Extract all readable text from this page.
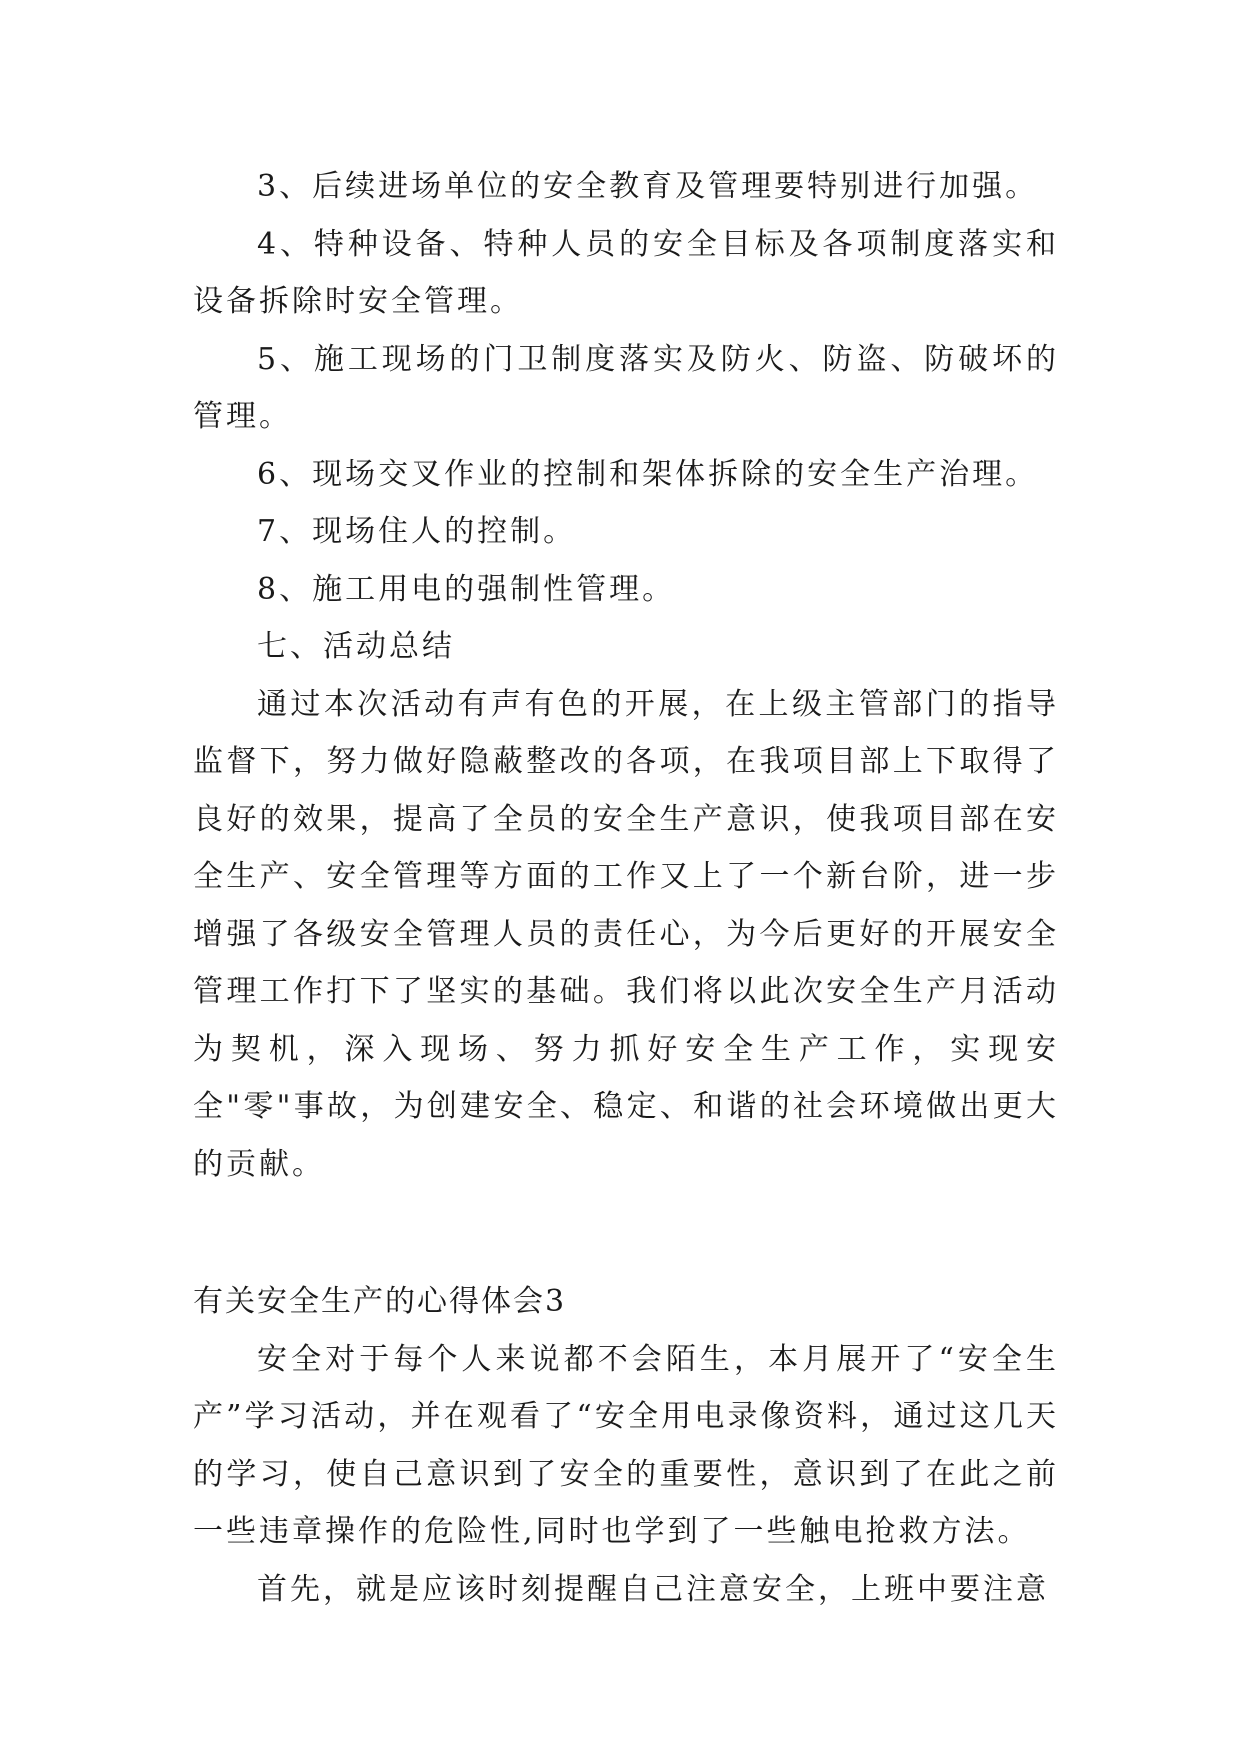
3、后续进场单位的安全教育及管理要特别进行加强。

4、特种设备、特种人员的安全目标及各项制度落实和设备拆除时安全管理。

5、施工现场的门卫制度落实及防火、防盗、防破坏的管理。

6、现场交叉作业的控制和架体拆除的安全生产治理。

7、现场住人的控制。

8、施工用电的强制性管理。

七、活动总结

通过本次活动有声有色的开展，在上级主管部门的指导监督下，努力做好隐蔽整改的各项，在我项目部上下取得了良好的效果，提高了全员的安全生产意识，使我项目部在安全生产、安全管理等方面的工作又上了一个新台阶，进一步增强了各级安全管理人员的责任心，为今后更好的开展安全管理工作打下了坚实的基础。我们将以此次安全生产月活动为契机，深入现场、努力抓好安全生产工作，实现安全"零"事故，为创建安全、稳定、和谐的社会环境做出更大的贡献。

有关安全生产的心得体会3

安全对于每个人来说都不会陌生，本月展开了“安全生产”学习活动，并在观看了“安全用电录像资料，通过这几天的学习，使自己意识到了安全的重要性，意识到了在此之前一些违章操作的危险性,同时也学到了一些触电抢救方法。

首先，就是应该时刻提醒自己注意安全，上班中要注意
